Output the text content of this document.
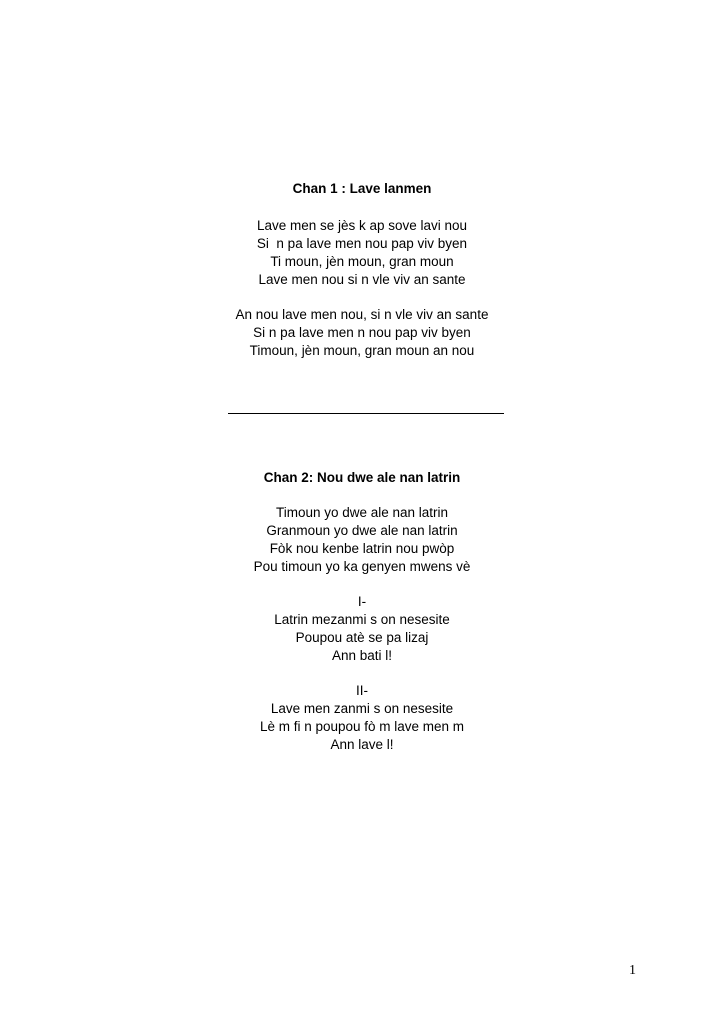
Chan 1 : Lave lanmen
Lave men se jès k ap sove lavi nou
Si  n pa lave men nou pap viv byen
Ti moun, jèn moun, gran moun
Lave men nou si n vle viv an sante
An nou lave men nou, si n vle viv an sante
Si n pa lave men n nou pap viv byen
Timoun, jèn moun, gran moun an nou
Chan 2: Nou dwe ale nan latrin
Timoun yo dwe ale nan latrin
Granmoun yo dwe ale nan latrin
Fòk nou kenbe latrin nou pwòp
Pou timoun yo ka genyen mwens vè
I-
Latrin mezanmi s on nesesite
Poupou atè se pa lizaj
Ann bati l!
II-
Lave men zanmi s on nesesite
Lè m fi n poupou fò m lave men m
Ann lave l!
1
